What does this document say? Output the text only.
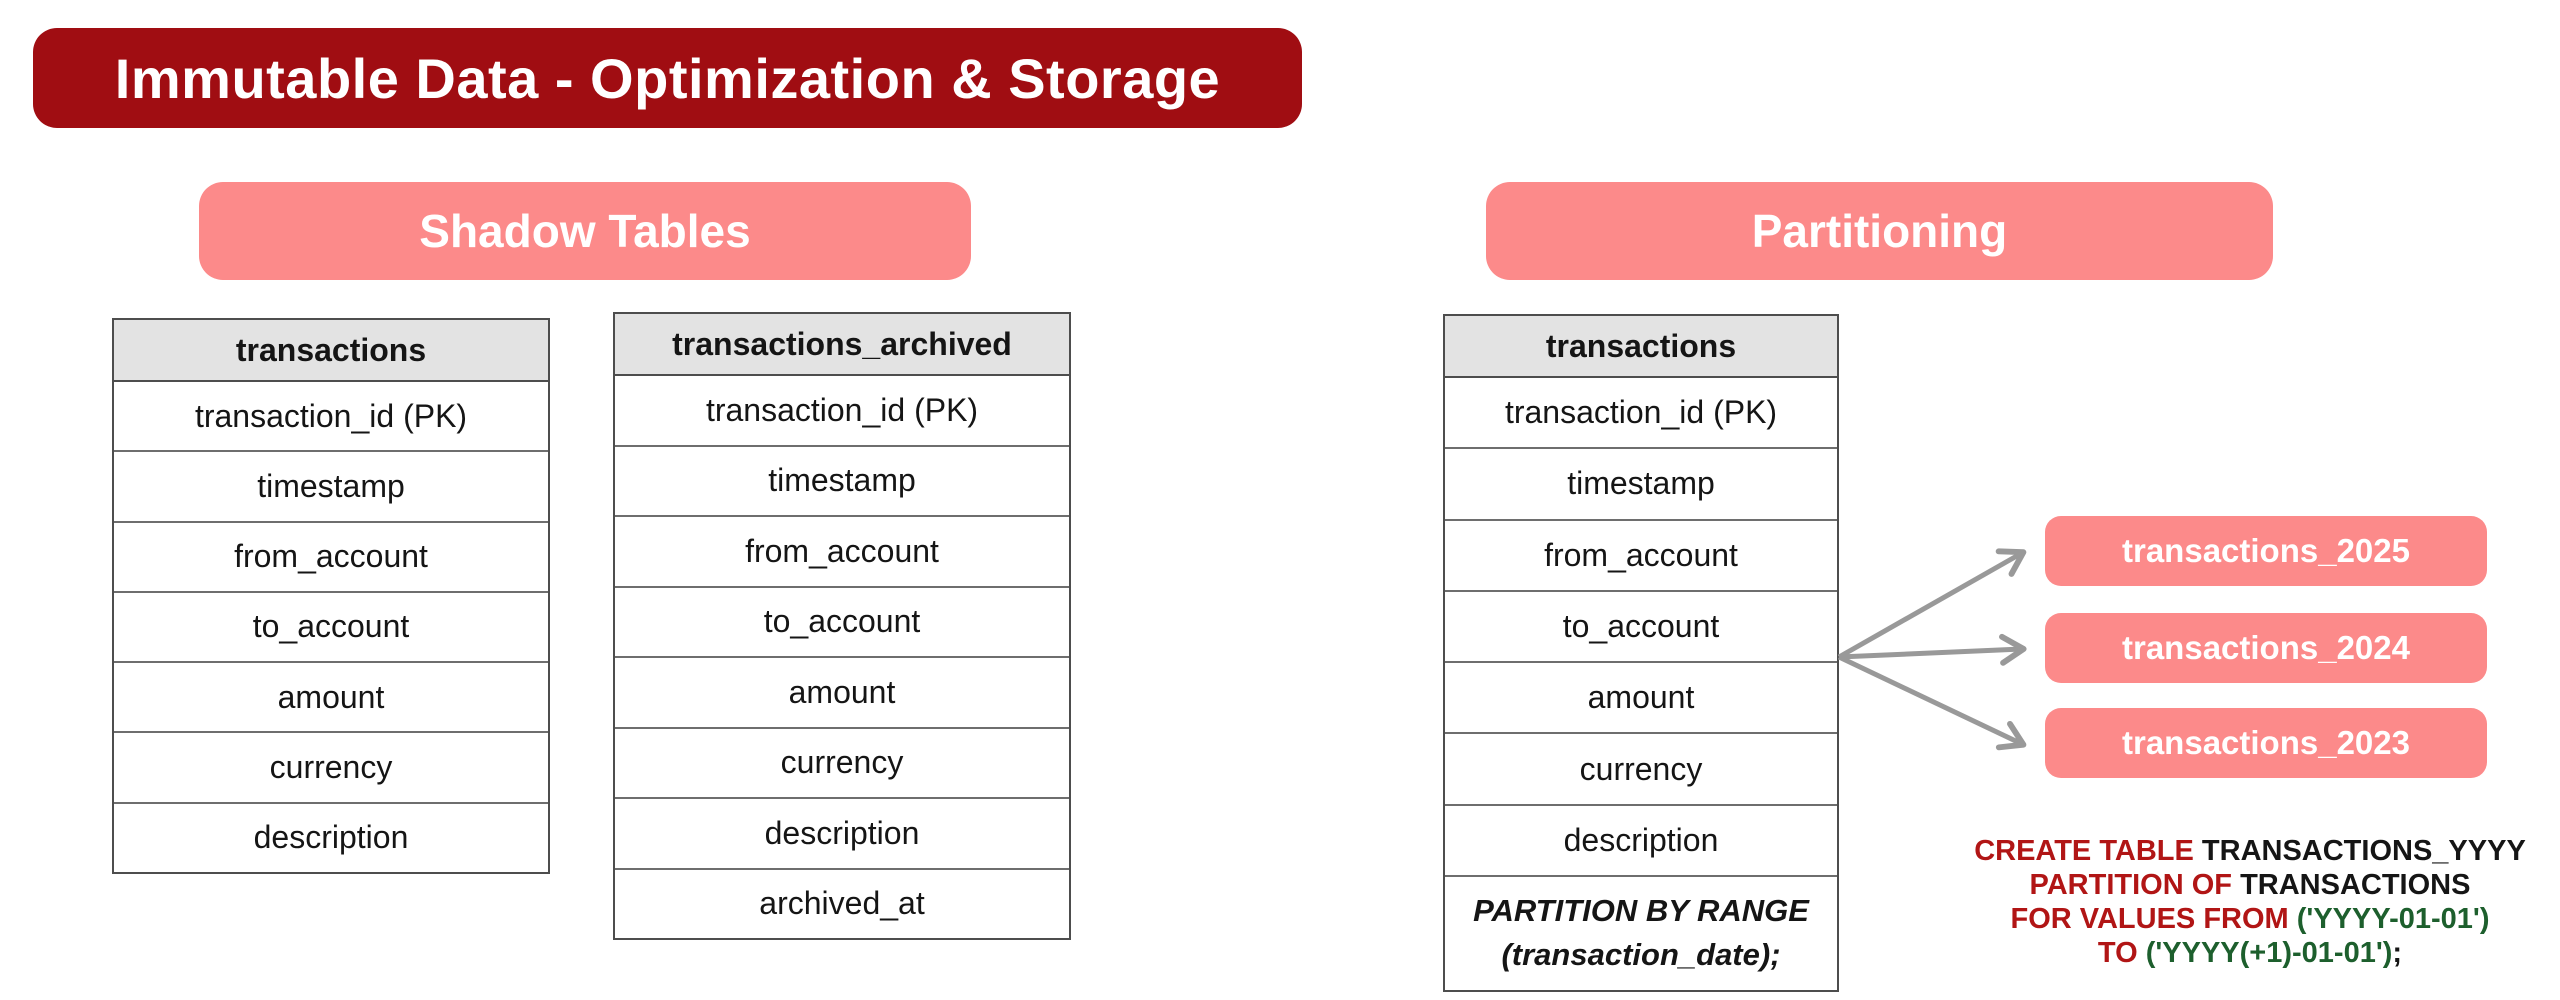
Immutable Data - Optimization & Storage
Shadow Tables	Partitioning
transactions
transaction_id (PK)
timestamp
from_account
to_account
amount
currency
description
transactions_archived
transaction_id (PK)
timestamp
from_account
to_account
amount
currency
description
archived_at
transactions
transaction_id (PK)
timestamp
from_account
to_account
amount
currency
description
PARTITION BY RANGE
(transaction_date);
transactions_2025
transactions_2024
transactions_2023
CREATE TABLE TRANSACTIONS_YYYY
PARTITION OF TRANSACTIONS
FOR VALUES FROM ('YYYY-01-01')
TO ('YYYY(+1)-01-01');
